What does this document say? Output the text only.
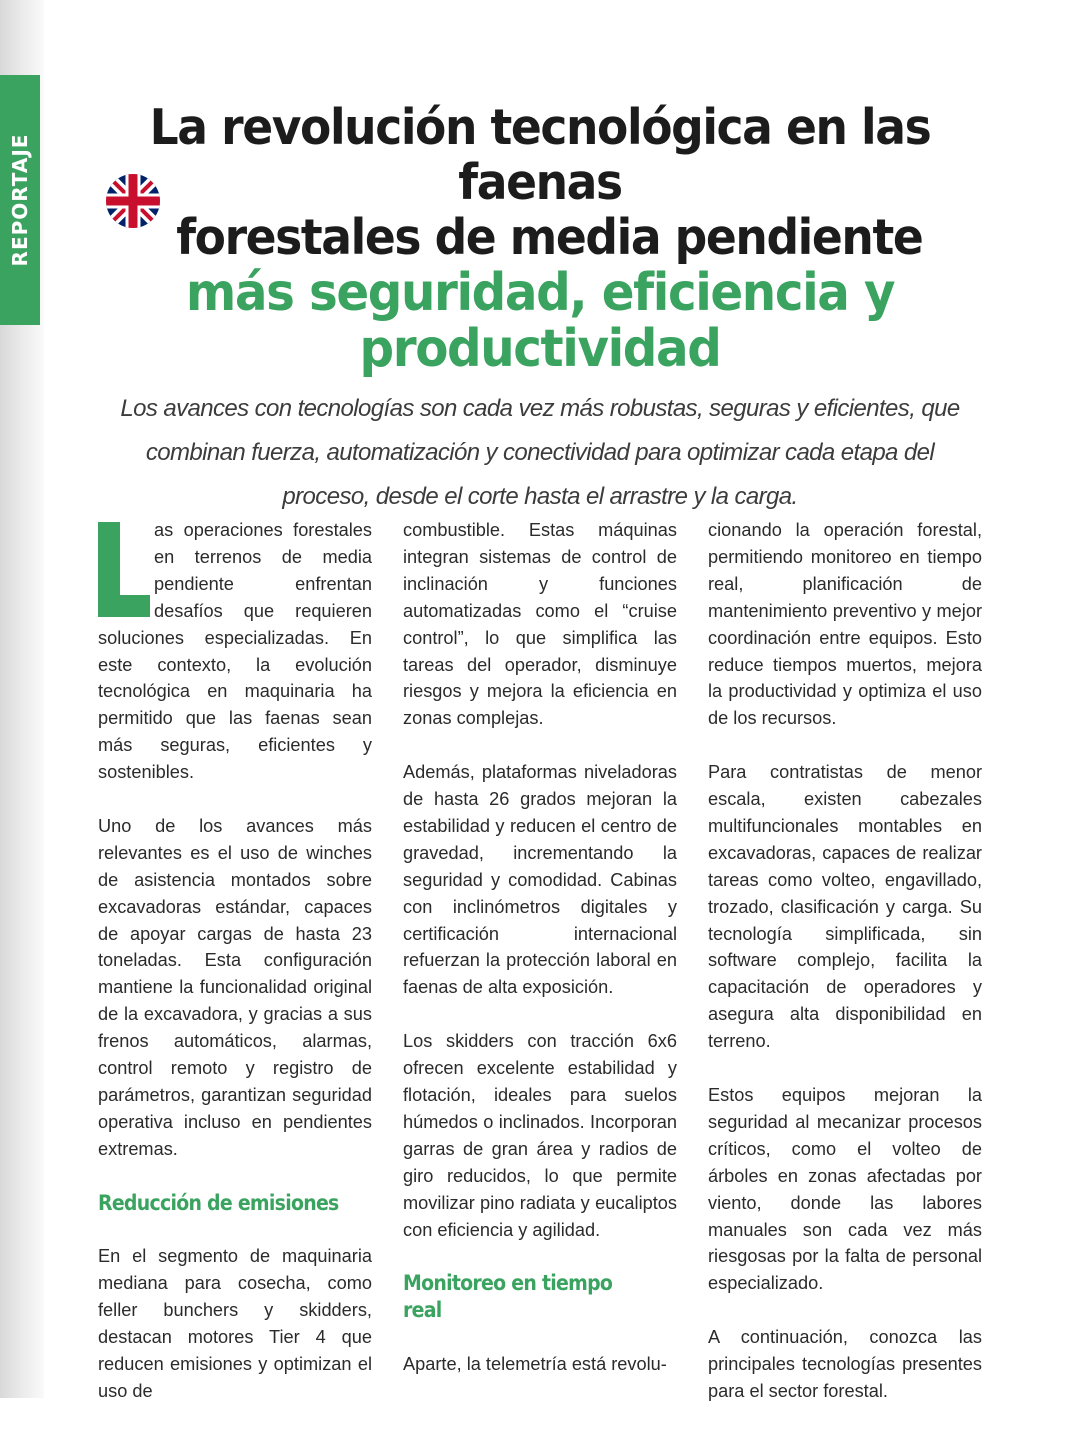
REPORTAJE
La revolución tecnológica en las faenas
forestales de media pendiente
más seguridad, eficiencia y
productividad

Los avances con tecnologías son cada vez más robustas, seguras y eficientes, que combinan fuerza, automatización y conectividad para optimizar cada etapa del proceso, desde el corte hasta el arrastre y la carga.

as operaciones forestales en terrenos de media pendiente enfrentan desafíos que requieren soluciones especializadas. En este contexto, la evolución tecnológica en maquinaria ha permitido que las faenas sean más seguras, eficientes y sostenibles.

Uno de los avances más relevantes es el uso de winches de asistencia montados sobre excavadoras estándar, capaces de apoyar cargas de hasta 23 toneladas. Esta configuración mantiene la funcionalidad original de la excavadora, y gracias a sus frenos automáticos, alarmas, control remoto y registro de parámetros, garantizan seguridad operativa incluso en pendientes extremas.

Reducción de emisiones

En el segmento de maquinaria mediana para cosecha, como feller bunchers y skidders, destacan motores Tier 4 que reducen emisiones y optimizan el uso de

combustible. Estas máquinas integran sistemas de control de inclinación y funciones automatizadas como el “cruise control”, lo que simplifica las tareas del operador, disminuye riesgos y mejora la eficiencia en zonas complejas.

Además, plataformas niveladoras de hasta 26 grados mejoran la estabilidad y reducen el centro de gravedad, incrementando la seguridad y comodidad. Cabinas con inclinómetros digitales y certificación internacional refuerzan la protección laboral en faenas de alta exposición.

Los skidders con tracción 6x6 ofrecen excelente estabilidad y flotación, ideales para suelos húmedos o inclinados. Incorporan garras de gran área y radios de giro reducidos, lo que permite movilizar pino radiata y eucaliptos con eficiencia y agilidad.

Monitoreo en tiempo real

Aparte, la telemetría está revolu-

cionando la operación forestal, permitiendo monitoreo en tiempo real, planificación de mantenimiento preventivo y mejor coordinación entre equipos. Esto reduce tiempos muertos, mejora la productividad y optimiza el uso de los recursos.

Para contratistas de menor escala, existen cabezales multifuncionales montables en excavadoras, capaces de realizar tareas como volteo, engavillado, trozado, clasificación y carga. Su tecnología simplificada, sin software complejo, facilita la capacitación de operadores y asegura alta disponibilidad en terreno.

Estos equipos mejoran la seguridad al mecanizar procesos críticos, como el volteo de árboles en zonas afectadas por viento, donde las labores manuales son cada vez más riesgosas por la falta de personal especializado.

A continuación, conozca las principales tecnologías presentes para el sector forestal.
